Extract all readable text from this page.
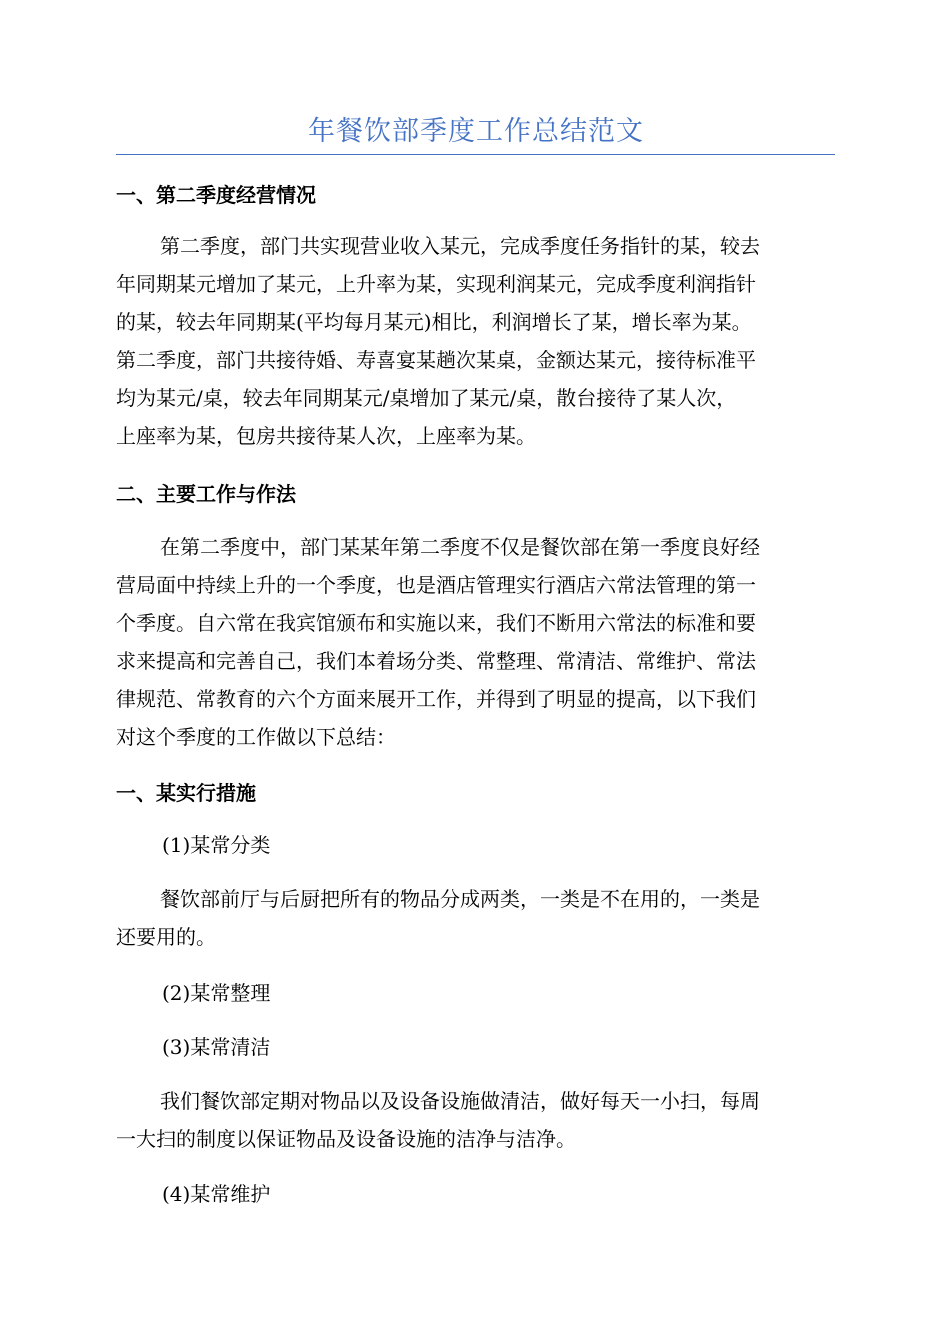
年餐饮部季度工作总结范文
一、第二季度经营情况
第二季度，部门共实现营业收入某元，完成季度任务指针的某，较去
年同期某元增加了某元，上升率为某，实现利润某元，完成季度利润指针
的某，较去年同期某(平均每月某元)相比，利润增长了某，增长率为某。
第二季度，部门共接待婚、寿喜宴某趟次某桌，金额达某元，接待标准平
均为某元/桌，较去年同期某元/桌增加了某元/桌，散台接待了某人次，
上座率为某，包房共接待某人次，上座率为某。
二、主要工作与作法
在第二季度中，部门某某年第二季度不仅是餐饮部在第一季度良好经
营局面中持续上升的一个季度，也是酒店管理实行酒店六常法管理的第一
个季度。自六常在我宾馆颁布和实施以来，我们不断用六常法的标准和要
求来提高和完善自己，我们本着场分类、常整理、常清洁、常维护、常法
律规范、常教育的六个方面来展开工作，并得到了明显的提高，以下我们
对这个季度的工作做以下总结：
一、某实行措施
(1)某常分类
餐饮部前厅与后厨把所有的物品分成两类，一类是不在用的，一类是
还要用的。
(2)某常整理
(3)某常清洁
我们餐饮部定期对物品以及设备设施做清洁，做好每天一小扫，每周
一大扫的制度以保证物品及设备设施的洁净与洁净。
(4)某常维护
